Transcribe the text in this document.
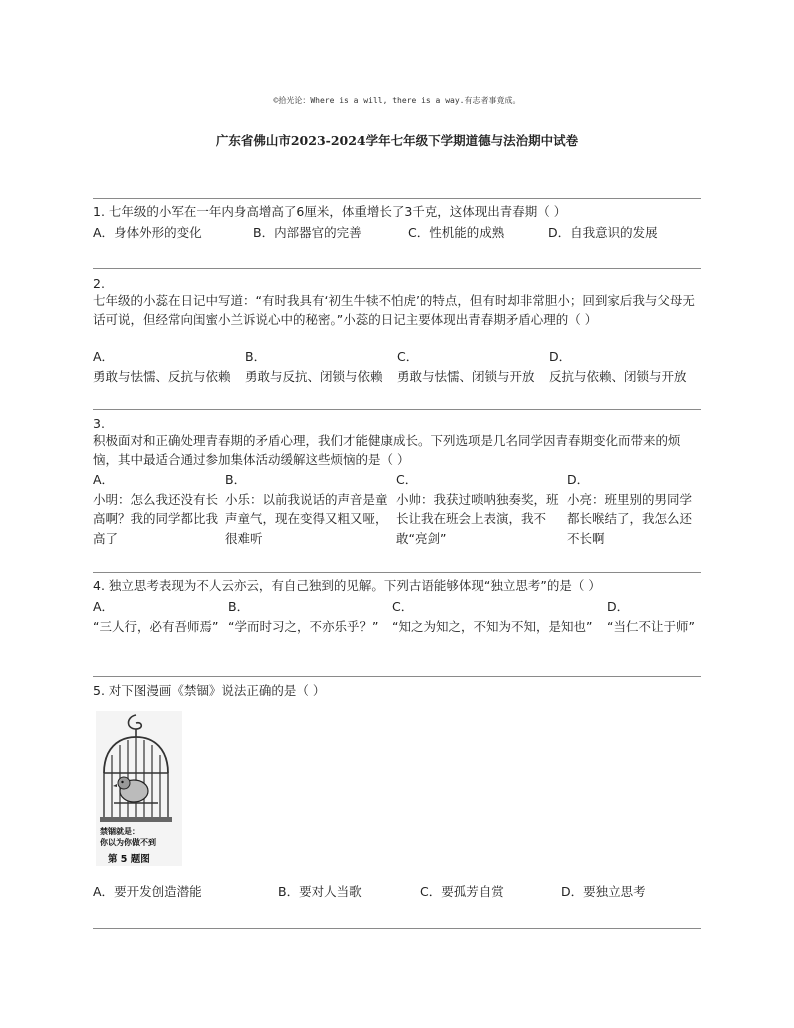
©拾光论：Where is a will, there is a way.有志者事竟成。
广东省佛山市2023-2024学年七年级下学期道德与法治期中试卷
1. 七年级的小军在一年内身高增高了6厘米，体重增长了3千克，这体现出青春期（ ）
A．身体外形的变化	B．内部器官的完善	C．性机能的成熟	D．自我意识的发展
2.
七年级的小蕊在日记中写道：“有时我具有‘初生牛犊不怕虎’的特点，但有时却非常胆小；回到家后我与父母无话可说，但经常向闺蜜小兰诉说心中的秘密。”小蕊的日记主要体现出青春期矛盾心理的（ ）
A．
勇敢与怯懦、反抗与依赖
B．
勇敢与反抗、闭锁与依赖
C．
勇敢与怯懦、闭锁与开放
D．
反抗与依赖、闭锁与开放
3.
积极面对和正确处理青春期的矛盾心理，我们才能健康成长。下列选项是几名同学因青春期变化而带来的烦恼，其中最适合通过参加集体活动缓解这些烦恼的是（ ）
A．
小明：怎么我还没有长高啊？我的同学都比我高了
B．
小乐：以前我说话的声音是童声童气，现在变得又粗又哑，很难听
C．
小帅：我获过唢呐独奏奖，班长让我在班会上表演，我不敢“亮剑”
D．
小亮：班里别的男同学都长喉结了，我怎么还不长啊
4. 独立思考表现为不人云亦云，有自己独到的见解。下列古语能够体现“独立思考”的是（ ）
A．
“三人行，必有吾师焉”
B．
“学而时习之，不亦乐乎？”
C．
“知之为知之，不知为不知，是知也”
D．
“当仁不让于师”
5. 对下图漫画《禁锢》说法正确的是（ ）
禁锢就是：
你以为你做不到
第 5 题图
A．要开发创造潜能	B．要对人当歌	C．要孤芳自赏	D．要独立思考
